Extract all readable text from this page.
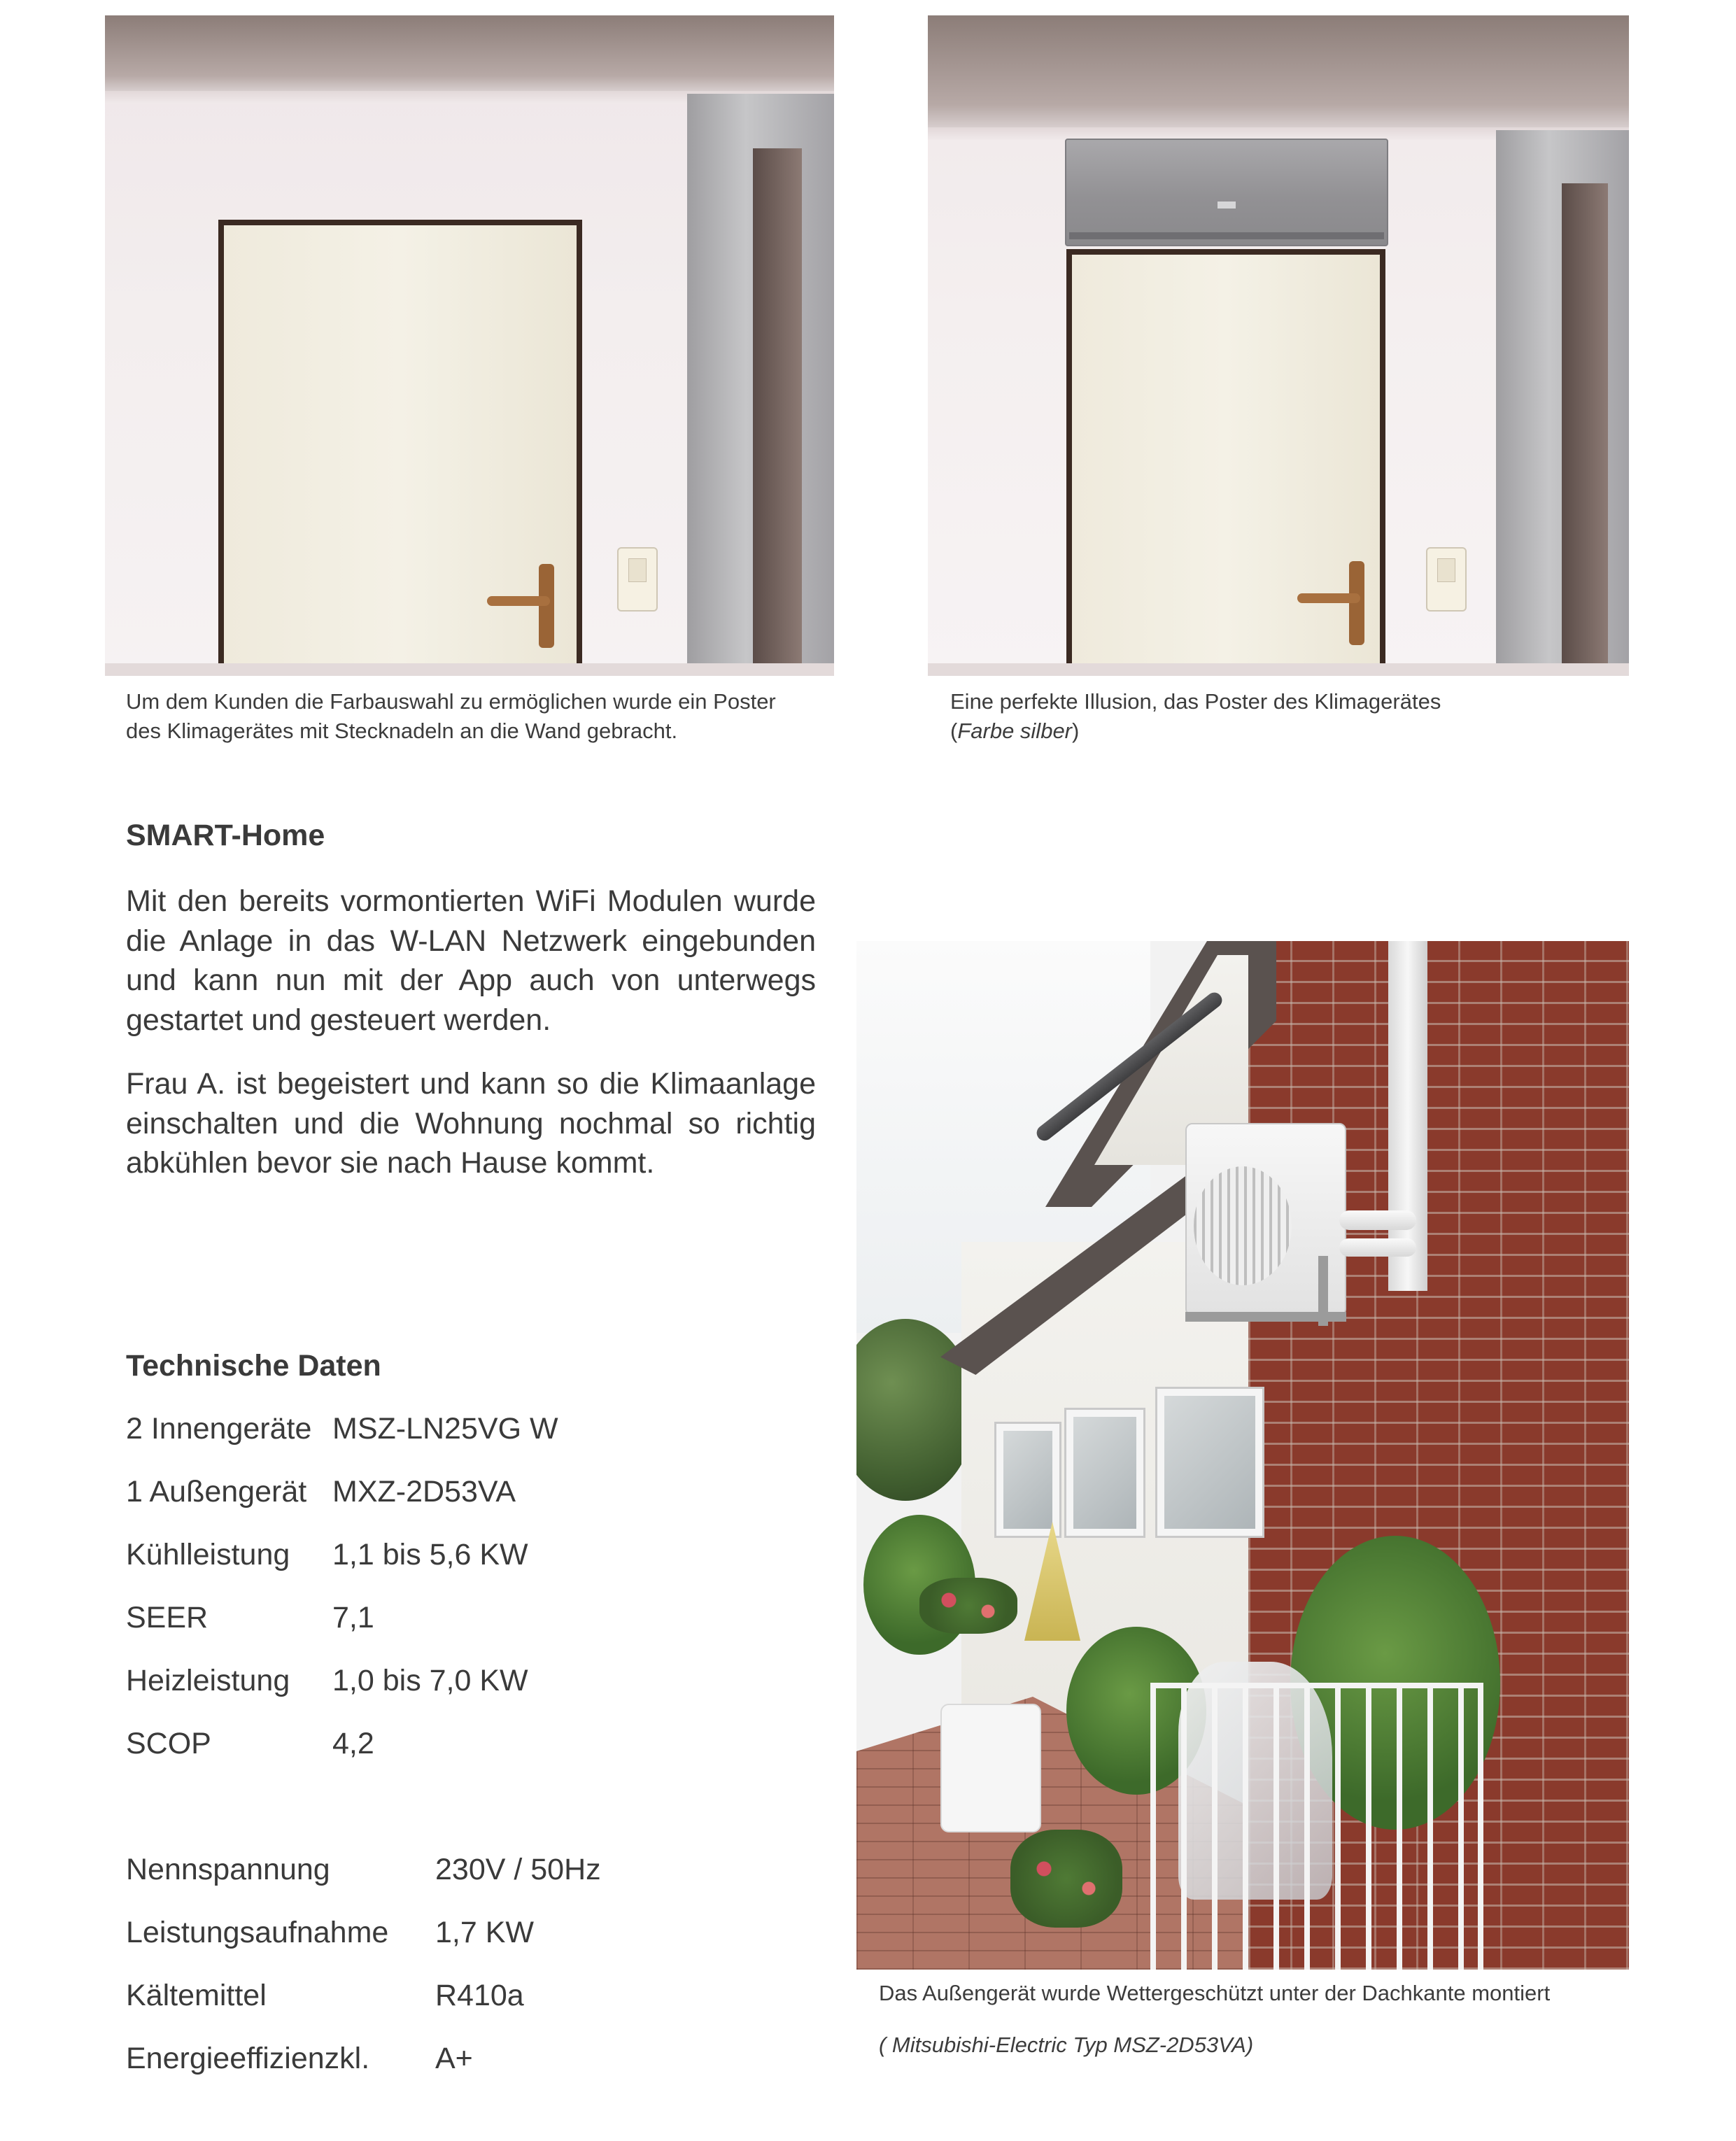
Um dem Kunden die Farbauswahl zu ermöglichen wurde ein Poster
des Klimagerätes mit Stecknadeln an die Wand gebracht.
Eine perfekte Illusion, das Poster des Klimagerätes
(Farbe silber)
SMART-Home

Mit den bereits vormontierten WiFi Modulen wurde die Anlage in das W-LAN Netzwerk eingebunden und kann nun mit der App auch von unterwegs gestartet und gesteuert werden.

Frau A. ist begeistert und kann so die Klimaanlage einschalten und die Wohnung nochmal so richtig abkühlen bevor sie nach Hause kommt.

Das Außengerät wurde Wettergeschützt unter der Dachkante montiert
( Mitsubishi-Electric Typ MSZ-2D53VA)
Technische Daten
2 Innengeräte MSZ-LN25VG W
1 Außengerät MXZ-2D53VA
Kühlleistung 1,1 bis 5,6 KW
SEER	7,1
Heizleistung 1,0 bis 7,0 KW
SCOP	4,2
Nennspannung	230V / 50Hz
Leistungsaufnahme 1,7 KW
Kältemittel	R410a
Energieeffizienzkl. A+
